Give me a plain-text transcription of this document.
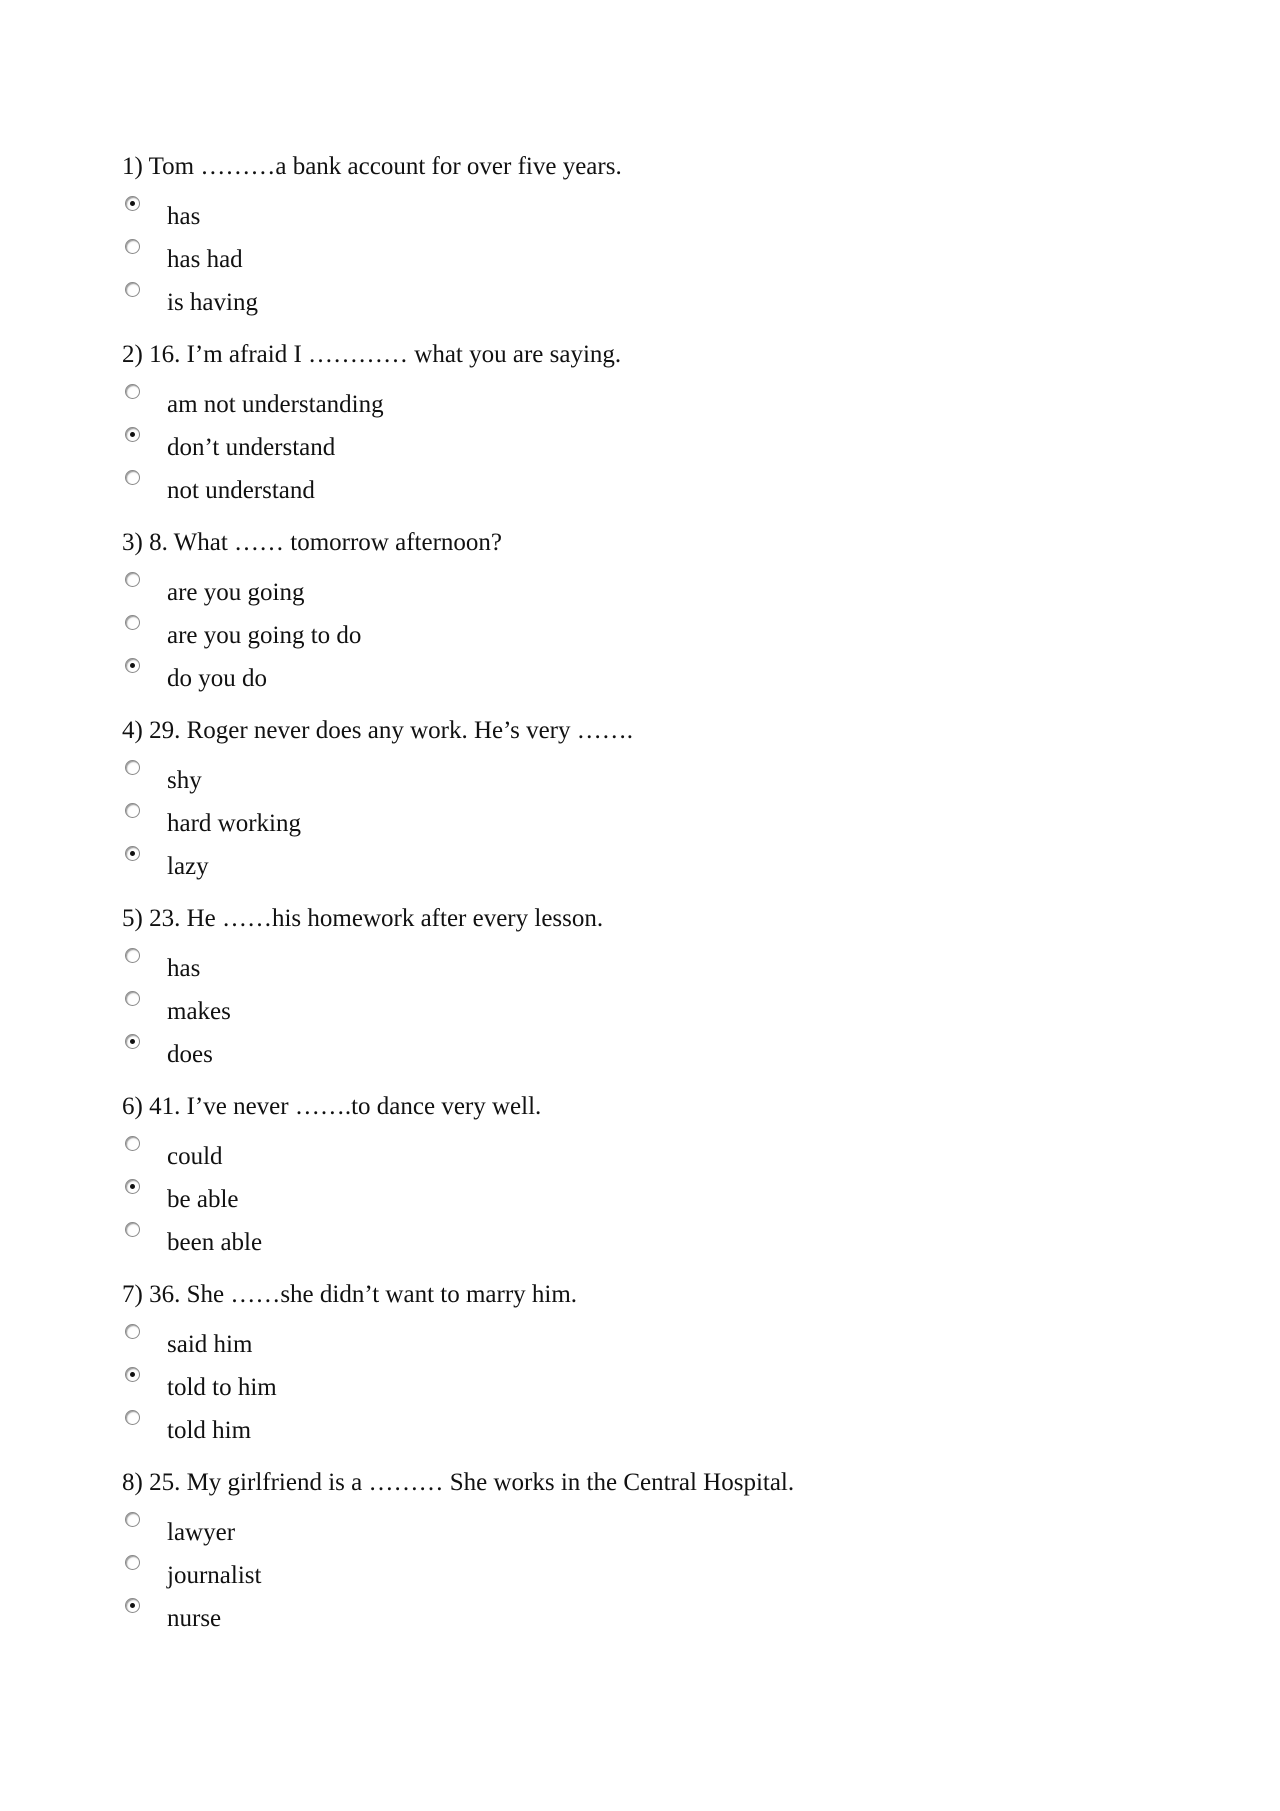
1) Tom ………a bank account for over five years.
has
has had
is having
2) 16. I’m afraid I ………… what you are saying.
am not understanding
don’t understand
not understand
3) 8. What …… tomorrow afternoon?
are you going
are you going to do
do you do
4) 29. Roger never does any work. He’s very …….
shy
hard working
lazy
5) 23. He ……his homework after every lesson.
has
makes
does
6) 41. I’ve never …….to dance very well.
could
be able
been able
7) 36. She ……she didn’t want to marry him.
said him
told to him
told him
8) 25. My girlfriend is a ……… She works in the Central Hospital.
lawyer
journalist
nurse
